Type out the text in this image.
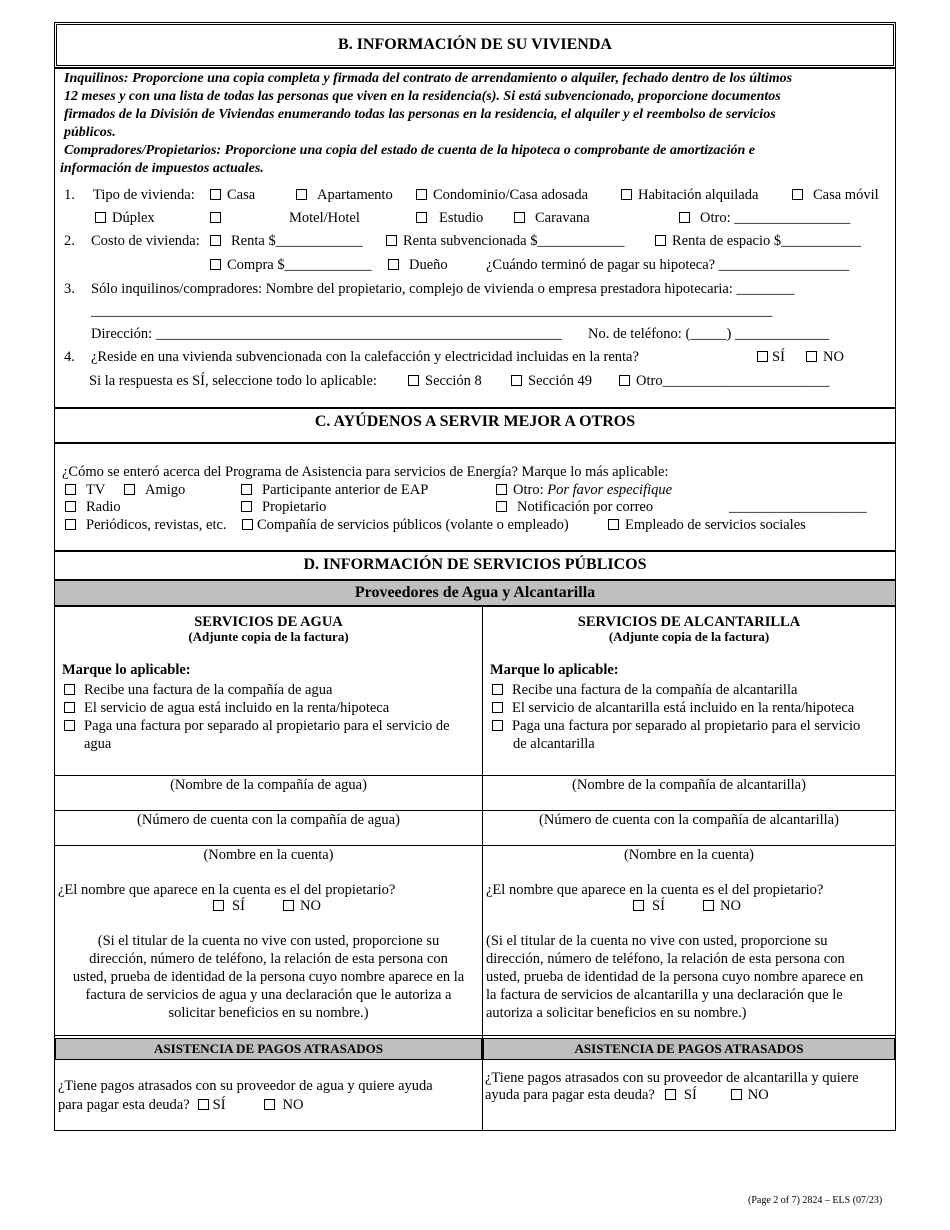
B. INFORMACIÓN DE SU VIVIENDA
Inquilinos: Proporcione una copia completa y firmada del contrato de arrendamiento o alquiler, fechado dentro de los últimos
12 meses y con una lista de todas las personas que viven en la residencia(s). Si está subvencionado, proporcione documentos
firmados de la División de Viviendas enumerando todas las personas en la residencia, el alquiler y el reembolso de servicios
públicos.
Compradores/Propietarios: Proporcione una copia del estado de cuenta de la hipoteca o comprobante de amortización e
información de impuestos actuales.
1. Tipo de vivienda:	Casa	Apartamento	Condominio/Casa adosada	Habitación alquilada	Casa móvil
Dúplex	Motel/Hotel	Estudio	Caravana	Otro: ________________
2. Costo de vivienda:	Renta $____________	Renta subvencionada $____________	Renta de espacio $___________
Compra $____________	Dueño	¿Cuándo terminó de pagar su hipoteca? __________________
3. Sólo inquilinos/compradores: Nombre del propietario, complejo de vivienda o empresa prestadora hipotecaria: ________
______________________________________________________________________________________________
Dirección: ________________________________________________________ No. de teléfono: (_____) _____________
4. ¿Reside en una vivienda subvencionada con la calefacción y electricidad incluidas en la renta?	SÍ	NO
Si la respuesta es SÍ, seleccione todo lo aplicable:	Sección 8	Sección 49	Otro_______________________
C. AYÚDENOS A SERVIR MEJOR A OTROS
¿Cómo se enteró acerca del Programa de Asistencia para servicios de Energía? Marque lo más aplicable:
TV	Amigo	Participante anterior de EAP	Otro: Por favor especifique
Radio	Propietario	Notificación por correo	___________________
Periódicos, revistas, etc.	Compañía de servicios públicos (volante o empleado)	Empleado de servicios sociales
D. INFORMACIÓN DE SERVICIOS PÚBLICOS
Proveedores de Agua y Alcantarilla
ASISTENCIA DE PAGOS ATRASADOS	ASISTENCIA DE PAGOS ATRASADOS
SERVICIOS DE AGUA
(Adjunte copia de la factura)
Marque lo aplicable:
Recibe una factura de la compañía de agua
El servicio de agua está incluido en la renta/hipoteca
Paga una factura por separado al propietario para el servicio de
agua
(Nombre de la compañía de agua)
(Número de cuenta con la compañía de agua)
(Nombre en la cuenta)
¿El nombre que aparece en la cuenta es el del propietario?
SÍ	NO
(Si el titular de la cuenta no vive con usted, proporcione su
dirección, número de teléfono, la relación de esta persona con
usted, prueba de identidad de la persona cuyo nombre aparece en la
factura de servicios de agua y una declaración que le autoriza a
solicitar beneficios en su nombre.)
¿Tiene pagos atrasados con su proveedor de agua y quiere ayuda
para pagar esta deuda? SÍ	NO
SERVICIOS DE ALCANTARILLA
(Adjunte copia de la factura)
Marque lo aplicable:
Recibe una factura de la compañía de alcantarilla
El servicio de alcantarilla está incluido en la renta/hipoteca
Paga una factura por separado al propietario para el servicio
de alcantarilla
(Nombre de la compañía de alcantarilla)
(Número de cuenta con la compañía de alcantarilla)
(Nombre en la cuenta)
¿El nombre que aparece en la cuenta es el del propietario?
SÍ	NO
(Si el titular de la cuenta no vive con usted, proporcione su
dirección, número de teléfono, la relación de esta persona con
usted, prueba de identidad de la persona cuyo nombre aparece en
la factura de servicios de alcantarilla y una declaración que le
autoriza a solicitar beneficios en su nombre.)
¿Tiene pagos atrasados con su proveedor de alcantarilla y quiere
ayuda para pagar esta deuda? SÍ	NO
(Page 2 of 7) 2824 – ELS (07/23)
